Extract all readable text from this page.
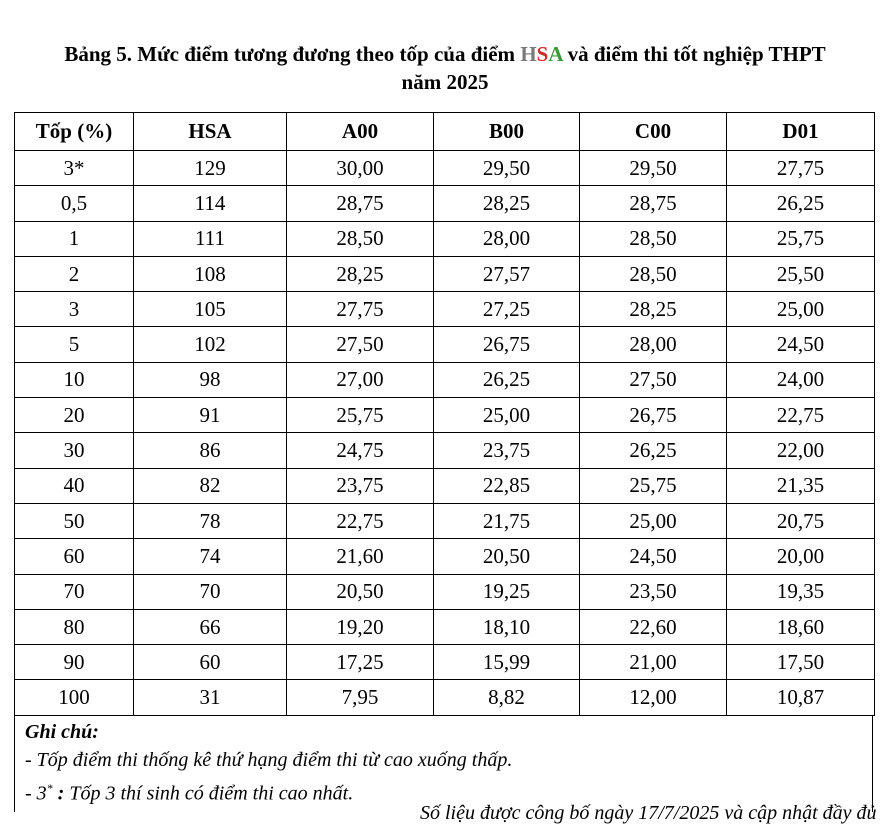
Bảng 5. Mức điểm tương đương theo tốp của điểm HSA và điểm thi tốt nghiệp THPT
năm 2025
Tốp (%)	HSA	A00	B00	C00	D01
3*	129	30,00	29,50	29,50	27,75
0,5	114	28,75	28,25	28,75	26,25
1	111	28,50	28,00	28,50	25,75
2	108	28,25	27,57	28,50	25,50
3	105	27,75	27,25	28,25	25,00
5	102	27,50	26,75	28,00	24,50
10	98	27,00	26,25	27,50	24,00
20	91	25,75	25,00	26,75	22,75
30	86	24,75	23,75	26,25	22,00
40	82	23,75	22,85	25,75	21,35
50	78	22,75	21,75	25,00	20,75
60	74	21,60	20,50	24,50	20,00
70	70	20,50	19,25	23,50	19,35
80	66	19,20	18,10	22,60	18,60
90	60	17,25	15,99	21,00	17,50
100	31	7,95	8,82	12,00	10,87
Ghi chú:
- Tốp điểm thi thống kê thứ hạng điểm thi từ cao xuống thấp.
- 3* : Tốp 3 thí sinh có điểm thi cao nhất.
Số liệu được công bố ngày 17/7/2025 và cập nhật đầy đủ
